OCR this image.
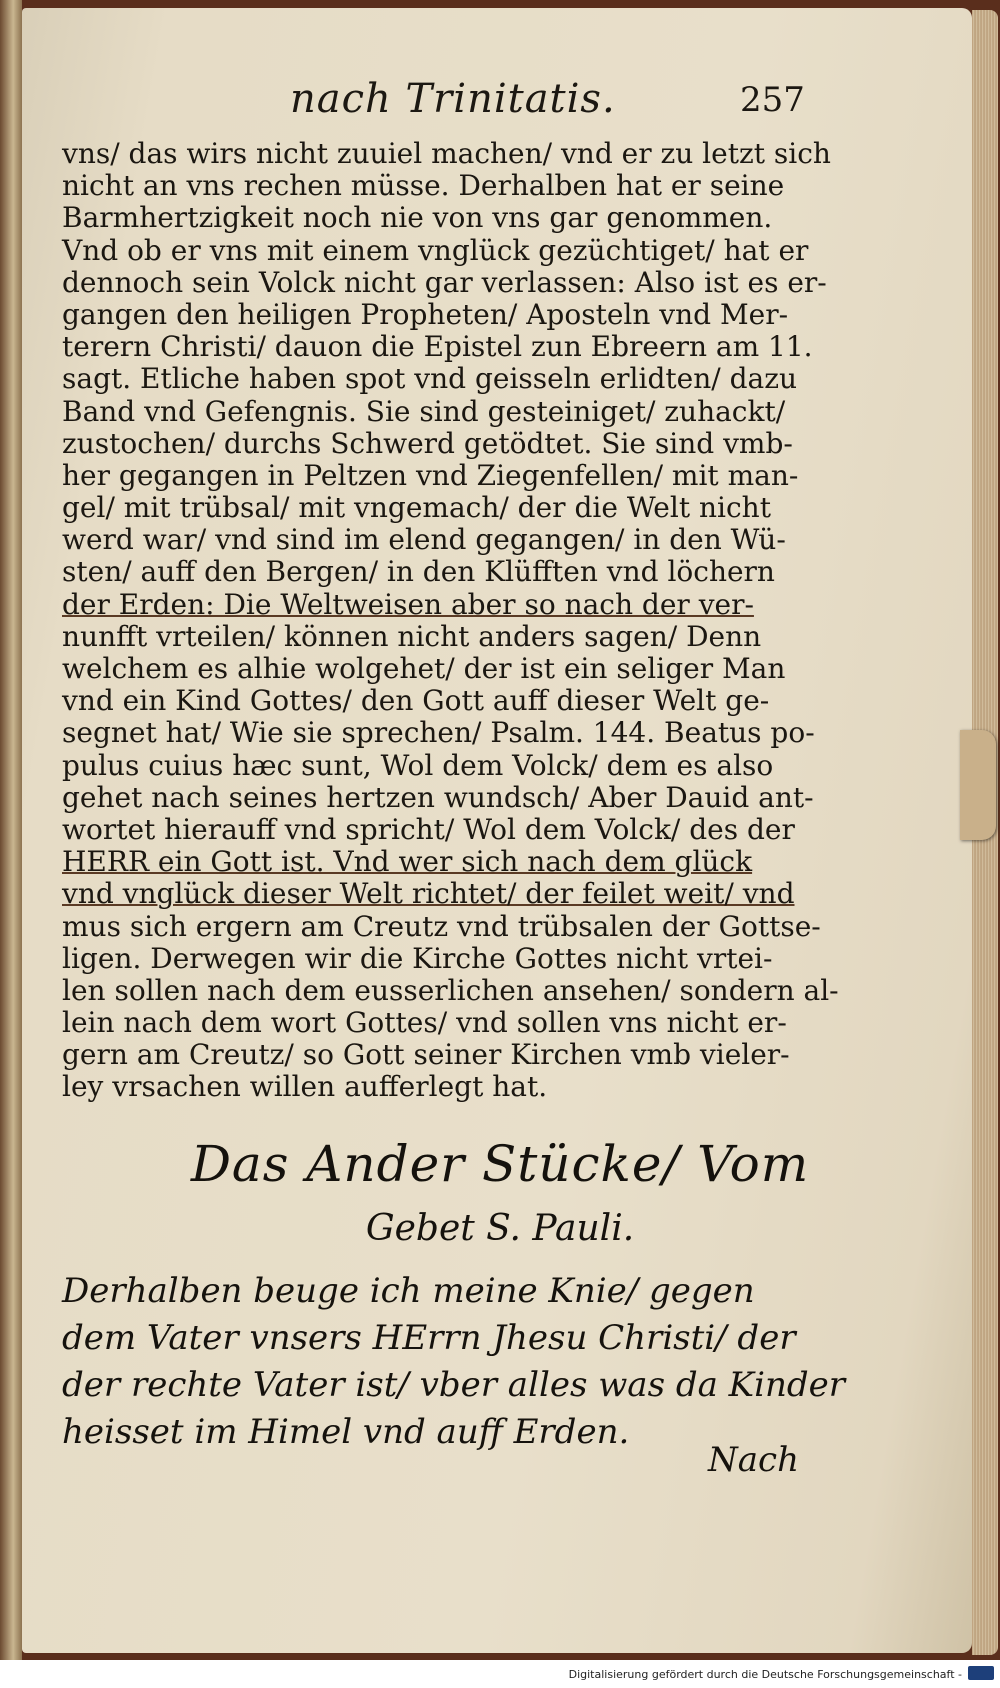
nach Trinitatis.	257
vns/ das wirs nicht zuuiel machen/ vnd er zu letzt sich
nicht an vns rechen müsse. Derhalben hat er seine
Barmhertzigkeit noch nie von vns gar genommen.
Vnd ob er vns mit einem vnglück gezüchtiget/ hat er
dennoch sein Volck nicht gar verlassen: Also ist es er-
gangen den heiligen Propheten/ Aposteln vnd Mer-
terern Christi/ dauon die Epistel zun Ebreern am 11.
sagt. Etliche haben spot vnd geisseln erlidten/ dazu
Band vnd Gefengnis. Sie sind gesteiniget/ zuhackt/
zustochen/ durchs Schwerd getödtet. Sie sind vmb-
her gegangen in Peltzen vnd Ziegenfellen/ mit man-
gel/ mit trübsal/ mit vngemach/ der die Welt nicht
werd war/ vnd sind im elend gegangen/ in den Wü-
sten/ auff den Bergen/ in den Klüfften vnd löchern
der Erden: Die Weltweisen aber so nach der ver-
nunfft vrteilen/ können nicht anders sagen/ Denn
welchem es alhie wolgehet/ der ist ein seliger Man
vnd ein Kind Gottes/ den Gott auff dieser Welt ge-
segnet hat/ Wie sie sprechen/ Psalm. 144. Beatus po-
pulus cuius hæc sunt, Wol dem Volck/ dem es also
gehet nach seines hertzen wundsch/ Aber Dauid ant-
wortet hierauff vnd spricht/ Wol dem Volck/ des der
HERR ein Gott ist. Vnd wer sich nach dem glück
vnd vnglück dieser Welt richtet/ der feilet weit/ vnd
mus sich ergern am Creutz vnd trübsalen der Gottse-
ligen. Derwegen wir die Kirche Gottes nicht vrtei-
len sollen nach dem eusserlichen ansehen/ sondern al-
lein nach dem wort Gottes/ vnd sollen vns nicht er-
gern am Creutz/ so Gott seiner Kirchen vmb vieler-
ley vrsachen willen aufferlegt hat.
Das Ander Stücke/ Vom
Gebet S. Pauli.
Derhalben beuge ich meine Knie/ gegen
dem Vater vnsers HErrn Jhesu Christi/ der
der rechte Vater ist/ vber alles was da Kinder
heisset im Himel vnd auff Erden.
Nach
Digitalisierung gefördert durch die Deutsche Forschungsgemeinschaft -
